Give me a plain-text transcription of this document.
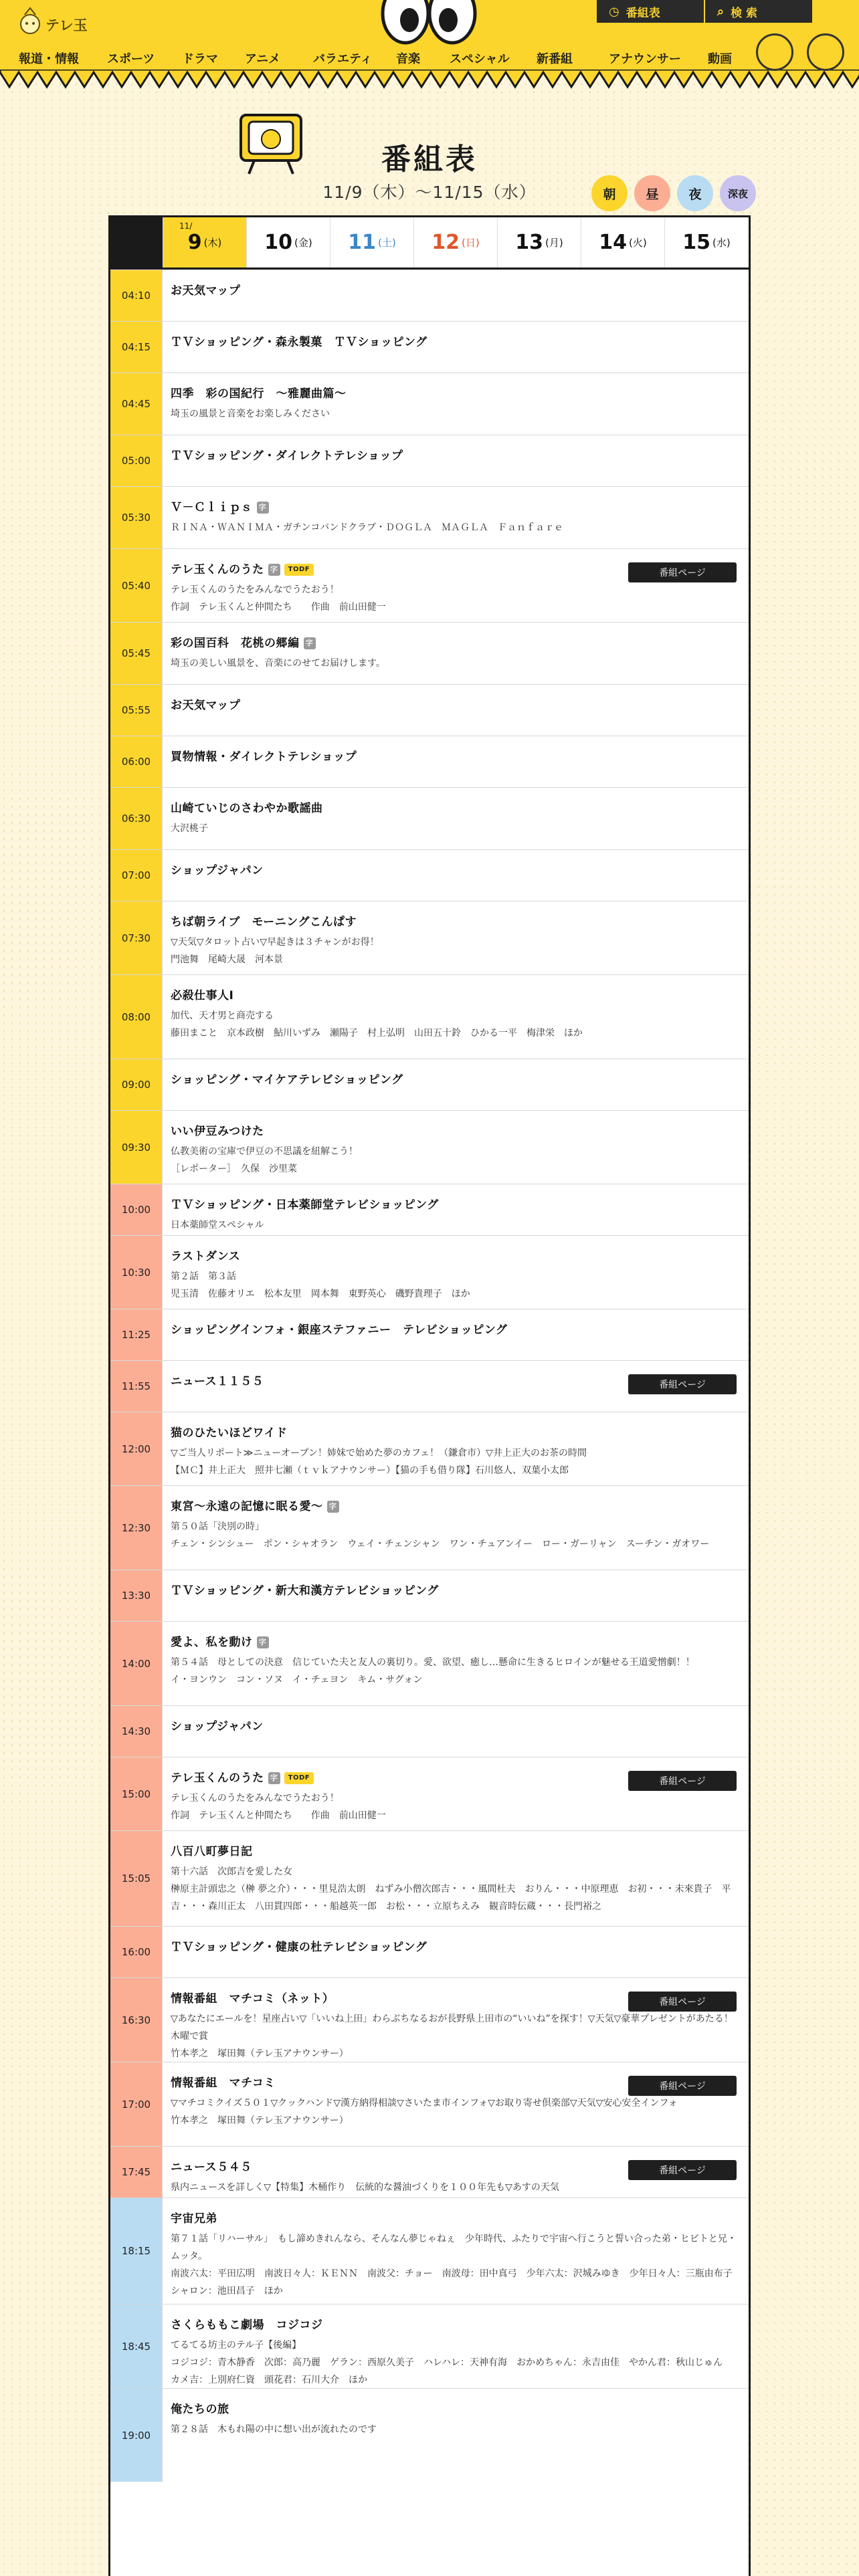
テレ玉
◷ 番組表	⌕ 検 索
報道・情報 スポーツ ドラマ アニメ	バラエティ 音楽 スペシャル 新番組	アナウンサー 動画
番組表
11/9（木）～11/15（水）	朝	昼	夜	深夜
11/
9 (木) 10 (金) 11 (土) 12 (日) 13 (月) 14 (火) 15 (水)
04:10	お天気マップ
04:15	ＴＶショッピング・森永製菓　ＴＶショッピング
04:45
四季　彩の国紀行　～雅麗曲篇～
埼玉の風景と音楽をお楽しみください
05:00	ＴＶショッピング・ダイレクトテレショップ
05:30
Ｖ－Ｃｌｉｐｓ 字
ＲＩＮＡ・ＷＡＮＩＭＡ・ガチンコバンドクラブ・ＤＯＧＬＡ　ＭＡＧＬＡ　Ｆａｎｆａｒｅ
05:40
テレ玉くんのうた 字 TODF
テレ玉くんのうたをみんなでうたおう！
作詞　テレ玉くんと仲間たち　　作曲　前山田健一
番組ページ
05:45
彩の国百科　花桃の郷編 字
埼玉の美しい風景を、音楽にのせてお届けします。
05:55	お天気マップ
06:00	買物情報・ダイレクトテレショップ
06:30
山崎ていじのさわやか歌謡曲
大沢桃子
07:00	ショップジャパン
07:30
ちば朝ライブ　モーニングこんぱす
▽天気▽タロット占い▽早起きは３チャンがお得！
門池舞　尾崎大晟　河本景
08:00
必殺仕事人Ⅰ
加代、天才男と商売する
藤田まこと　京本政樹　鮎川いずみ　瀬陽子　村上弘明　山田五十鈴　ひかる一平　梅津栄　ほか
09:00	ショッピング・マイケアテレビショッピング
09:30
いい伊豆みつけた
仏教美術の宝庫で伊豆の不思議を紐解こう！
［レポーター］　久保　沙里菜
10:00	ＴＶショッピング・日本薬師堂テレビショッピング
日本薬師堂スペシャル
10:30
ラストダンス
第２話　第３話
児玉清　佐藤オリエ　松本友里　岡本舞　東野英心　磯野貴理子　ほか
11:25	ショッピングインフォ・銀座ステファニー　テレビショッピング
11:55	ニュース１１５５	番組ページ
12:00
猫のひたいほどワイド
▽ご当人リポート≫ニューオープン！姉妹で始めた夢のカフェ！（鎌倉市）▽井上正大のお茶の時間
【ＭＣ】井上正大　照井七瀬（ｔｖｋアナウンサー）【猫の手も借り隊】石川悠人、双葉小太郎
12:30
東宮～永遠の記憶に眠る愛～ 字
第５０話「決別の時」
チェン・シンシュー　ポン・シャオラン　ウェイ・チェンシャン　ワン・チュアンイー　ロー・ガーリャン　スーチン・ガオワー
13:30	ＴＶショッピング・新大和漢方テレビショッピング
14:00
愛よ、私を動け 字
第５４話　母としての決意　信じていた夫と友人の裏切り。愛、欲望、癒し…懸命に生きるヒロインが魅せる王道愛憎劇！！
イ・ヨンウン　コン・ソヌ　イ・チェヨン　キム・サグォン
14:30	ショップジャパン
15:00
テレ玉くんのうた 字 TODF
テレ玉くんのうたをみんなでうたおう！
作詞　テレ玉くんと仲間たち　　作曲　前山田健一
番組ページ
15:05
八百八町夢日記
第十六話　次郎吉を愛した女
榊原主計頭忠之（榊 夢之介）・・・里見浩太朗　ねずみ小僧次郎吉・・・風間杜夫　おりん・・・中原理恵　お初・・・未來貴子　平吉・・・森川正太　八田貫四郎・・・船越英一郎　お松・・・立原ちえみ　観音時伝蔵・・・長門裕之
16:00	ＴＶショッピング・健康の杜テレビショッピング
16:30
情報番組　マチコミ（ネット）
▽あなたにエールを！星座占い▽「いいね上田」わらぶちなるおが長野県上田市の“いいね”を探す！▽天気▽豪華プレゼントがあたる！木曜で賞
竹本孝之　塚田舞（テレ玉アナウンサー）
番組ページ
17:00
情報番組　マチコミ
▽マチコミクイズ５０１▽クックハンド▽漢方納得相談▽さいたま市インフォ▽お取り寄せ倶楽部▽天気▽安心安全インフォ
竹本孝之　塚田舞（テレ玉アナウンサー）
番組ページ
17:45	ニュース５４５
県内ニュースを詳しく▽【特集】木桶作り　伝統的な醤油づくりを１００年先も▽あすの天気
番組ページ
18:15
宇宙兄弟
第７１話「リハーサル」　もし諦めきれんなら、そんなん夢じゃねぇ　少年時代、ふたりで宇宙へ行こうと誓い合った弟・ヒビトと兄・ムッタ。
南波六太：平田広明　南波日々人：ＫＥＮＮ　南波父：チョー　南波母：田中真弓　少年六太：沢城みゆき　少年日々人：三瓶由布子　シャロン：池田昌子　ほか
18:45
さくらももこ劇場　コジコジ
てるてる坊主のテル子【後編】
コジコジ：青木静香　次郎：高乃麗　ゲラン：西原久美子　ハレハレ：天神有海　おかめちゃん：永吉由佳　やかん君：秋山じゅん　カメ吉：上別府仁資　頭花君：石川大介　ほか
19:00
俺たちの旅
第２８話　木もれ陽の中に想い出が流れたのです
